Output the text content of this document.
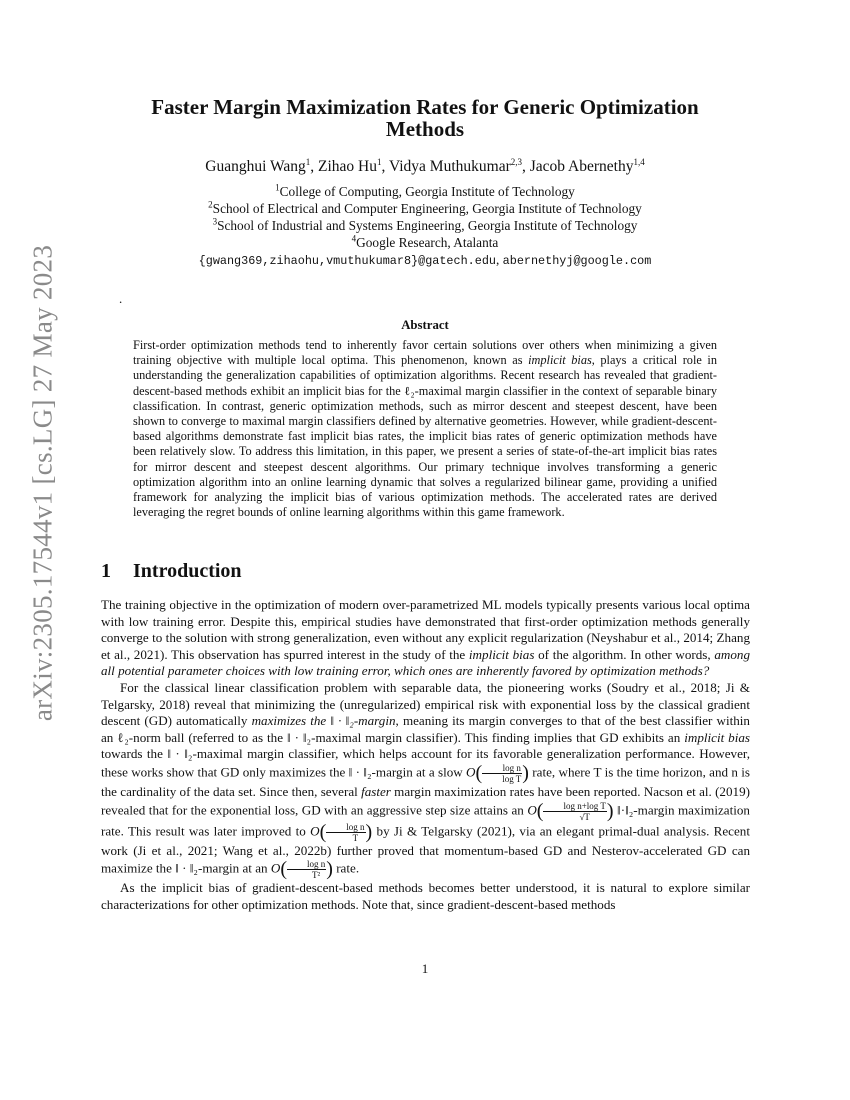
arXiv:2305.17544v1 [cs.LG] 27 May 2023
Faster Margin Maximization Rates for Generic Optimization Methods
Guanghui Wang$^1$, Zihao Hu$^1$, Vidya Muthukumar$^{2,3}$, Jacob Abernethy$^{1,4}$
$^1$College of Computing, Georgia Institute of Technology
$^2$School of Electrical and Computer Engineering, Georgia Institute of Technology
$^3$School of Industrial and Systems Engineering, Georgia Institute of Technology
$^4$Google Research, Atalanta
{gwang369,zihaohu,vmuthukumar8}@gatech.edu, abernethyj@google.com
.
Abstract
First-order optimization methods tend to inherently favor certain solutions over others when minimizing a given training objective with multiple local optima. This phenomenon, known as implicit bias, plays a critical role in understanding the generalization capabilities of optimization algorithms. Recent research has revealed that gradient-descent-based methods exhibit an implicit bias for the ℓ₂-maximal margin classifier in the context of separable binary classification. In contrast, generic optimization methods, such as mirror descent and steepest descent, have been shown to converge to maximal margin classifiers defined by alternative geometries. However, while gradient-descent-based algorithms demonstrate fast implicit bias rates, the implicit bias rates of generic optimization methods have been relatively slow. To address this limitation, in this paper, we present a series of state-of-the-art implicit bias rates for mirror descent and steepest descent algorithms. Our primary technique involves transforming a generic optimization algorithm into an online learning dynamic that solves a regularized bilinear game, providing a unified framework for analyzing the implicit bias of various optimization methods. The accelerated rates are derived leveraging the regret bounds of online learning algorithms within this game framework.
1 Introduction

The training objective in the optimization of modern over-parametrized ML models typically presents various local optima with low training error. Despite this, empirical studies have demonstrated that first-order optimization methods generally converge to the solution with strong generalization, even without any explicit regularization (Neyshabur et al., 2014; Zhang et al., 2021). This observation has spurred interest in the study of the implicit bias of the algorithm. In other words, among all potential parameter choices with low training error, which ones are inherently favored by optimization methods?

For the classical linear classification problem with separable data, the pioneering works (Soudry et al., 2018; Ji & Telgarsky, 2018) reveal that minimizing the (unregularized) empirical risk with exponential loss by the classical gradient descent (GD) automatically maximizes the ‖ · ‖₂-margin, meaning its margin converges to that of the best classifier within an ℓ₂-norm ball (referred to as the ‖ · ‖₂-maximal margin classifier). This finding implies that GD exhibits an implicit bias towards the ‖ · ‖₂-maximal margin classifier, which helps account for its favorable generalization performance. However, these works show that GD only maximizes the ‖ · ‖₂-margin at a slow $O( \frac{\text{log n}}{\text{log T}}$ ) rate, where T is the time horizon, and n is the cardinality of the data set. Since then, several faster margin maximization rates have been reported. Nacson et al. (2019) revealed that for the exponential loss, GD with an aggressive step size attains an $O( \frac{\text{log n+log T}}{√T}$ ) ‖·‖₂-margin maximization rate. This result was later improved to $O( \frac{\text{log n}}{T}$ ) by Ji & Telgarsky (2021), via an elegant primal-dual analysis. Recent work (Ji et al., 2021; Wang et al., 2022b) further proved that momentum-based GD and Nesterov-accelerated GD can maximize the ‖ · ‖₂-margin at an $O( \frac{\text{log n}}{\text{T²}}$ ) rate.

As the implicit bias of gradient-descent-based methods becomes better understood, it is natural to explore similar characterizations for other optimization methods. Note that, since gradient-descent-based methods

1
